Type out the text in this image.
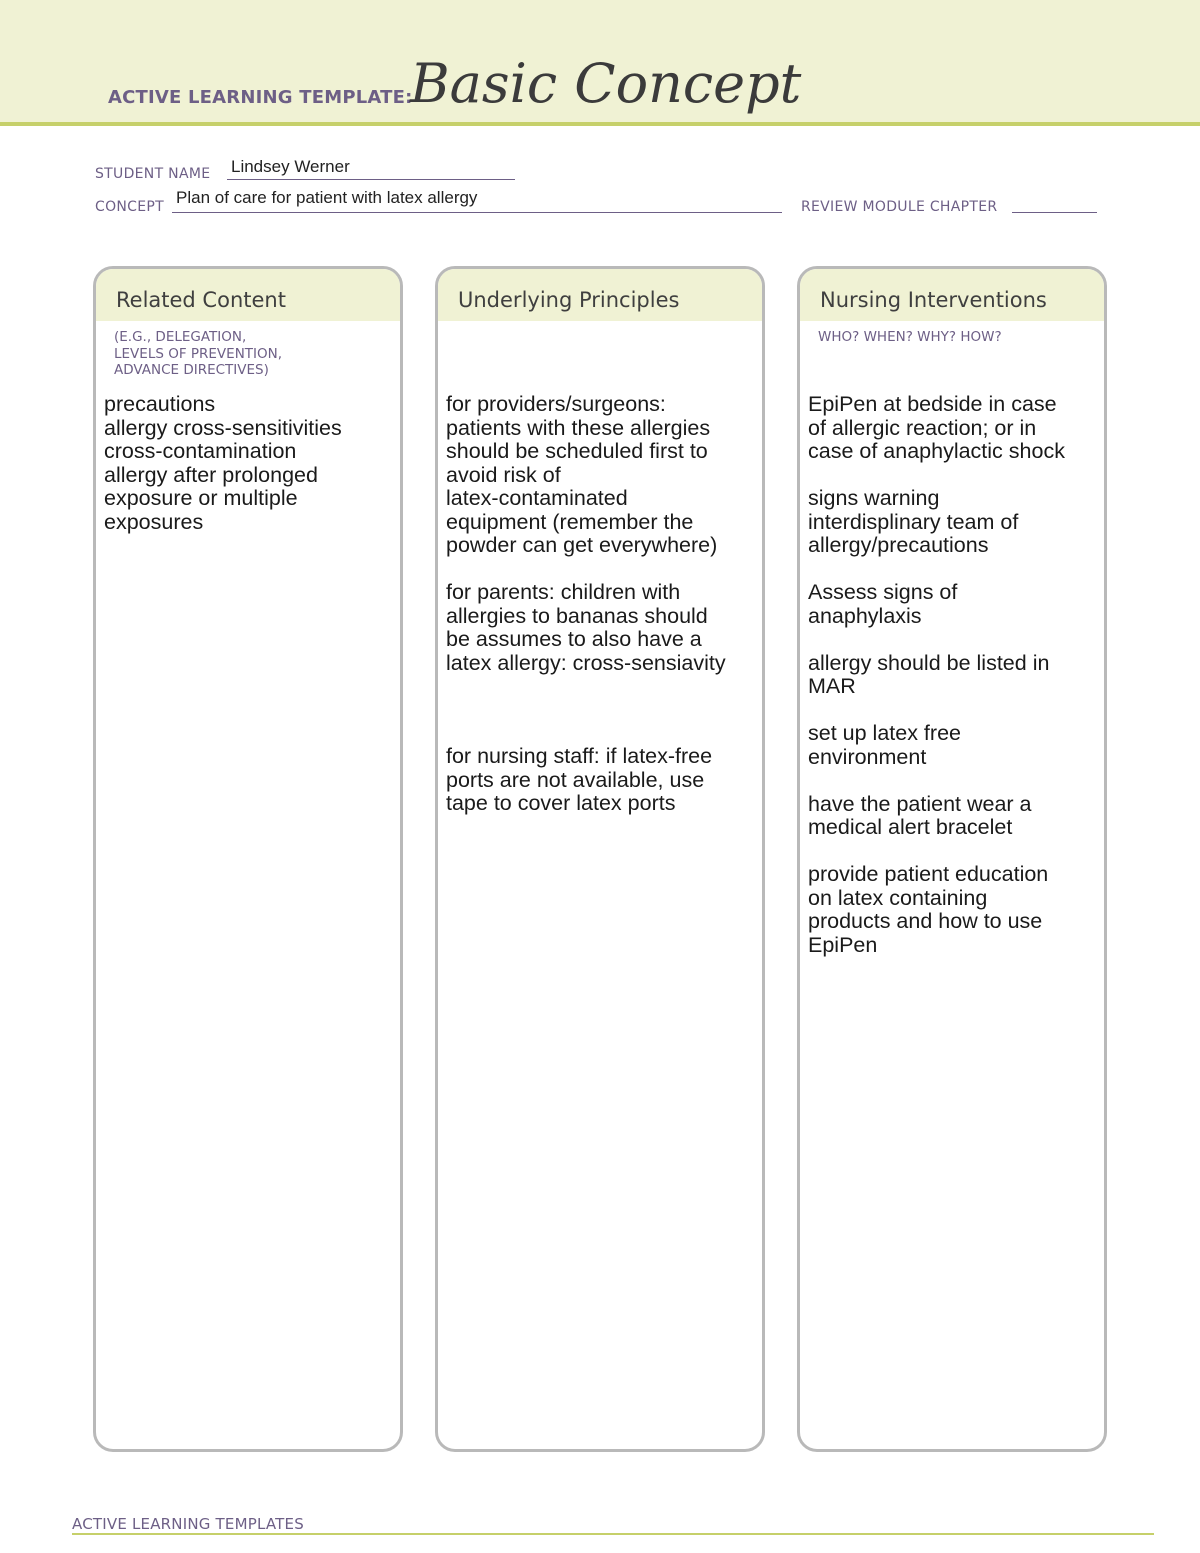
ACTIVE LEARNING TEMPLATE:
Basic Concept
STUDENT NAME Lindsey Werner
CONCEPT Plan of care for patient with latex allergy	REVIEW MODULE CHAPTER
Related Content
(E.G., DELEGATION,
LEVELS OF PREVENTION,
ADVANCE DIRECTIVES)
precautions
allergy cross-sensitivities
cross-contamination
allergy after prolonged
exposure or multiple
exposures
Underlying Principles
for providers/surgeons:
patients with these allergies
should be scheduled first to
avoid risk of
latex-contaminated
equipment (remember the
powder can get everywhere)
for parents: children with
allergies to bananas should
be assumes to also have a
latex allergy: cross-sensiavity
for nursing staff: if latex-free
ports are not available, use
tape to cover latex ports
Nursing Interventions
WHO? WHEN? WHY? HOW?
EpiPen at bedside in case
of allergic reaction; or in
case of anaphylactic shock
signs warning
interdisplinary team of
allergy/precautions
Assess signs of
anaphylaxis
allergy should be listed in
MAR
set up latex free
environment
have the patient wear a
medical alert bracelet
provide patient education
on latex containing
products and how to use
EpiPen
ACTIVE LEARNING TEMPLATES
